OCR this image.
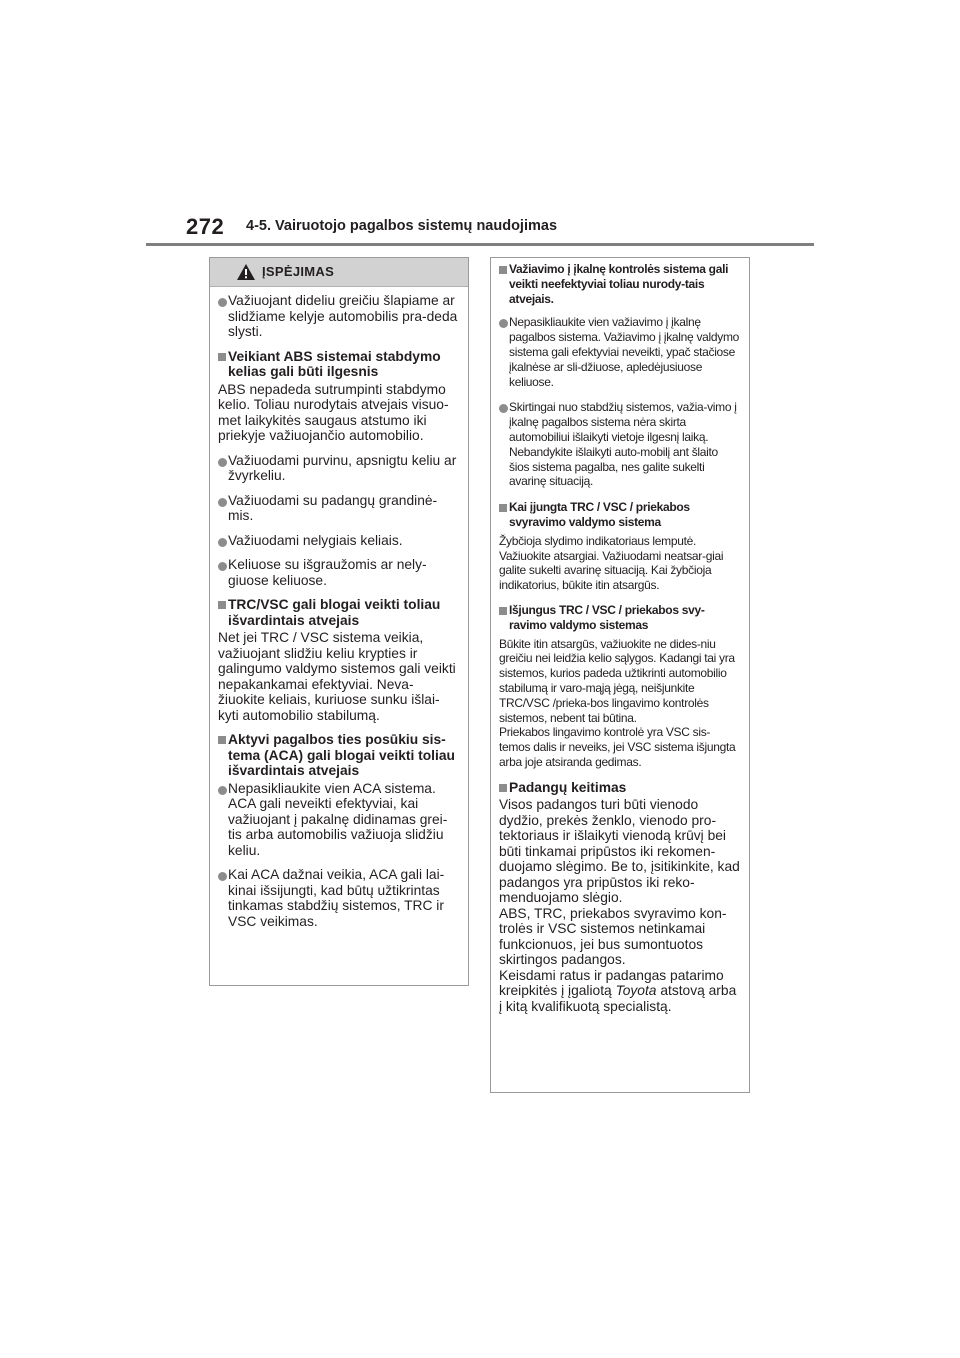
272 4-5. Vairuotojo pagalbos sistemų naudojimas
ĮSPĖJIMAS
Važiuojant dideliu greičiu šlapiame ar slidžiame kelyje automobilis pra-deda slysti.
Veikiant ABS sistemai stabdymo kelias gali būti ilgesnis
ABS nepadeda sutrumpinti stabdymo kelio. Toliau nurodytais atvejais visuo-met laikykitės saugaus atstumo iki priekyje važiuojančio automobilio.
Važiuodami purvinu, apsnigtu keliu ar žvyrkeliu.
Važiuodami su padangų grandinė-mis.
Važiuodami nelygiais keliais.
Keliuose su išgraužomis ar nely-giuose keliuose.
TRC/VSC gali blogai veikti toliau išvardintais atvejais
Net jei TRC / VSC sistema veikia, važiuojant slidžiu keliu krypties ir galingumo valdymo sistemos gali veikti nepakankamai efektyviai. Neva-žiuokite keliais, kuriuose sunku išlai-kyti automobilio stabilumą.
Aktyvi pagalbos ties posūkiu sis-tema (ACA) gali blogai veikti toliau išvardintais atvejais
Nepasikliaukite vien ACA sistema. ACA gali neveikti efektyviai, kai važiuojant į pakalnę didinamas grei-tis arba automobilis važiuoja slidžiu keliu.
Kai ACA dažnai veikia, ACA gali lai-kinai išsijungti, kad būtų užtikrintas tinkamas stabdžių sistemos, TRC ir VSC veikimas.
Važiavimo į įkalnę kontrolės sistema gali veikti neefektyviai toliau nurody-tais atvejais.
Nepasikliaukite vien važiavimo į įkalnę pagalbos sistema. Važiavimo į įkalnę valdymo sistema gali efektyviai neveikti, ypač stačiose įkalnėse ar sli-džiuose, apledėjusiuose keliuose.
Skirtingai nuo stabdžių sistemos, važia-vimo į įkalnę pagalbos sistema nėra skirta automobiliui išlaikyti vietoje ilgesnį laiką. Nebandykite išlaikyti auto-mobilį ant šlaito šios sistema pagalba, nes galite sukelti avarinę situaciją.
Kai įjungta TRC / VSC / priekabos svyravimo valdymo sistema
Žybčioja slydimo indikatoriaus lemputė. Važiuokite atsargiai. Važiuodami neatsar-giai galite sukelti avarinę situaciją. Kai žybčioja indikatorius, būkite itin atsargūs.
Išjungus TRC / VSC / priekabos svy-ravimo valdymo sistemas
Būkite itin atsargūs, važiuokite ne dides-niu greičiu nei leidžia kelio sąlygos. Kadangi tai yra sistemos, kurios padeda užtikrinti automobilio stabilumą ir varo-mąją jėgą, neišjunkite TRC/VSC /prieka-bos lingavimo kontrolės sistemos, nebent tai būtina.
Priekabos lingavimo kontrolė yra VSC sis-temos dalis ir neveiks, jei VSC sistema išjungta arba joje atsiranda gedimas.
Padangų keitimas
Visos padangos turi būti vienodo dydžio, prekės ženklo, vienodo pro-tektoriaus ir išlaikyti vienodą krūvį bei būti tinkamai pripūstos iki rekomen-duojamo slėgimo. Be to, įsitikinkite, kad padangos yra pripūstos iki reko-menduojamo slėgio.
ABS, TRC, priekabos svyravimo kon-trolės ir VSC sistemos netinkamai funkcionuos, jei bus sumontuotos skirtingos padangos.
Keisdami ratus ir padangas patarimo kreipkitės į įgaliotą Toyota atstovą arba į kitą kvalifikuotą specialistą.
